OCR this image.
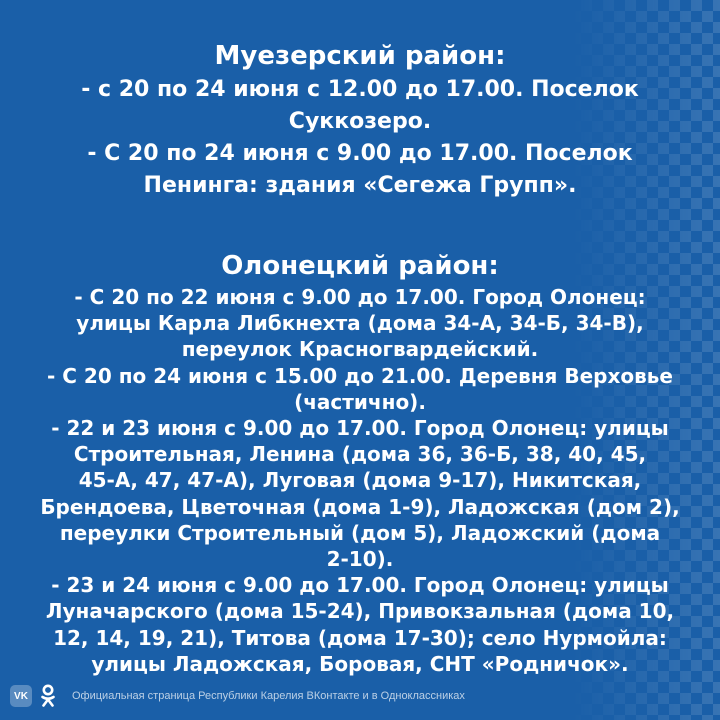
Муезерский район:
- с 20 по 24 июня с 12.00 до 17.00. Поселок
Суккозеро.
- С 20 по 24 июня с 9.00 до 17.00. Поселок
Пенинга: здания «Сегежа Групп».
Олонецкий район:
- С 20 по 22 июня с 9.00 до 17.00. Город Олонец:
улицы Карла Либкнехта (дома 34-А, 34-Б, 34-В),
переулок Красногвардейский.
- С 20 по 24 июня с 15.00 до 21.00. Деревня Верховье
(частично).
- 22 и 23 июня с 9.00 до 17.00. Город Олонец: улицы
Строительная, Ленина (дома 36, 36-Б, 38, 40, 45,
45-А, 47, 47-А), Луговая (дома 9-17), Никитская,
Брендоева, Цветочная (дома 1-9), Ладожская (дом 2),
переулки Строительный (дом 5), Ладожский (дома
2-10).
- 23 и 24 июня с 9.00 до 17.00. Город Олонец: улицы
Луначарского (дома 15-24), Привокзальная (дома 10,
12, 14, 19, 21), Титова (дома 17-30); село Нурмойла:
улицы Ладожская, Боровая, СНТ «Родничок».
VK	Официальная страница Республики Карелия ВКонтакте и в Одноклассниках
